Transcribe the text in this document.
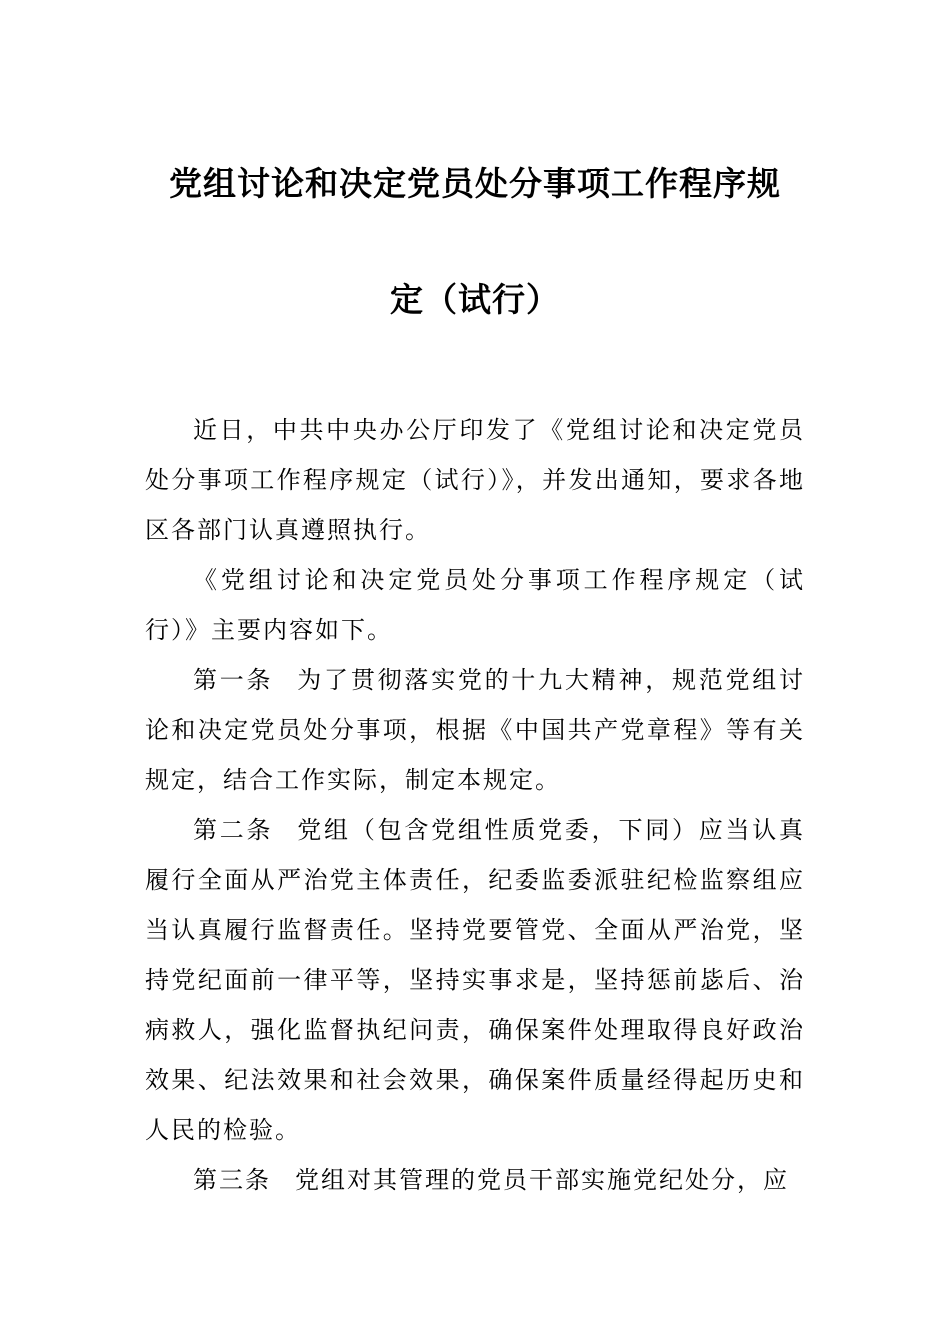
党组讨论和决定党员处分事项工作程序规
定（试行）

近日，中共中央办公厅印发了《党组讨论和决定党员处分事项工作程序规定（试行）》，并发出通知，要求各地区各部门认真遵照执行。

《党组讨论和决定党员处分事项工作程序规定（试行）》主要内容如下。

第一条 为了贯彻落实党的十九大精神，规范党组讨论和决定党员处分事项，根据《中国共产党章程》等有关规定，结合工作实际，制定本规定。

第二条 党组（包含党组性质党委，下同）应当认真履行全面从严治党主体责任，纪委监委派驻纪检监察组应当认真履行监督责任。坚持党要管党、全面从严治党，坚持党纪面前一律平等，坚持实事求是，坚持惩前毖后、治病救人，强化监督执纪问责，确保案件处理取得良好政治效果、纪法效果和社会效果，确保案件质量经得起历史和人民的检验。

第三条 党组对其管理的党员干部实施党纪处分，应
